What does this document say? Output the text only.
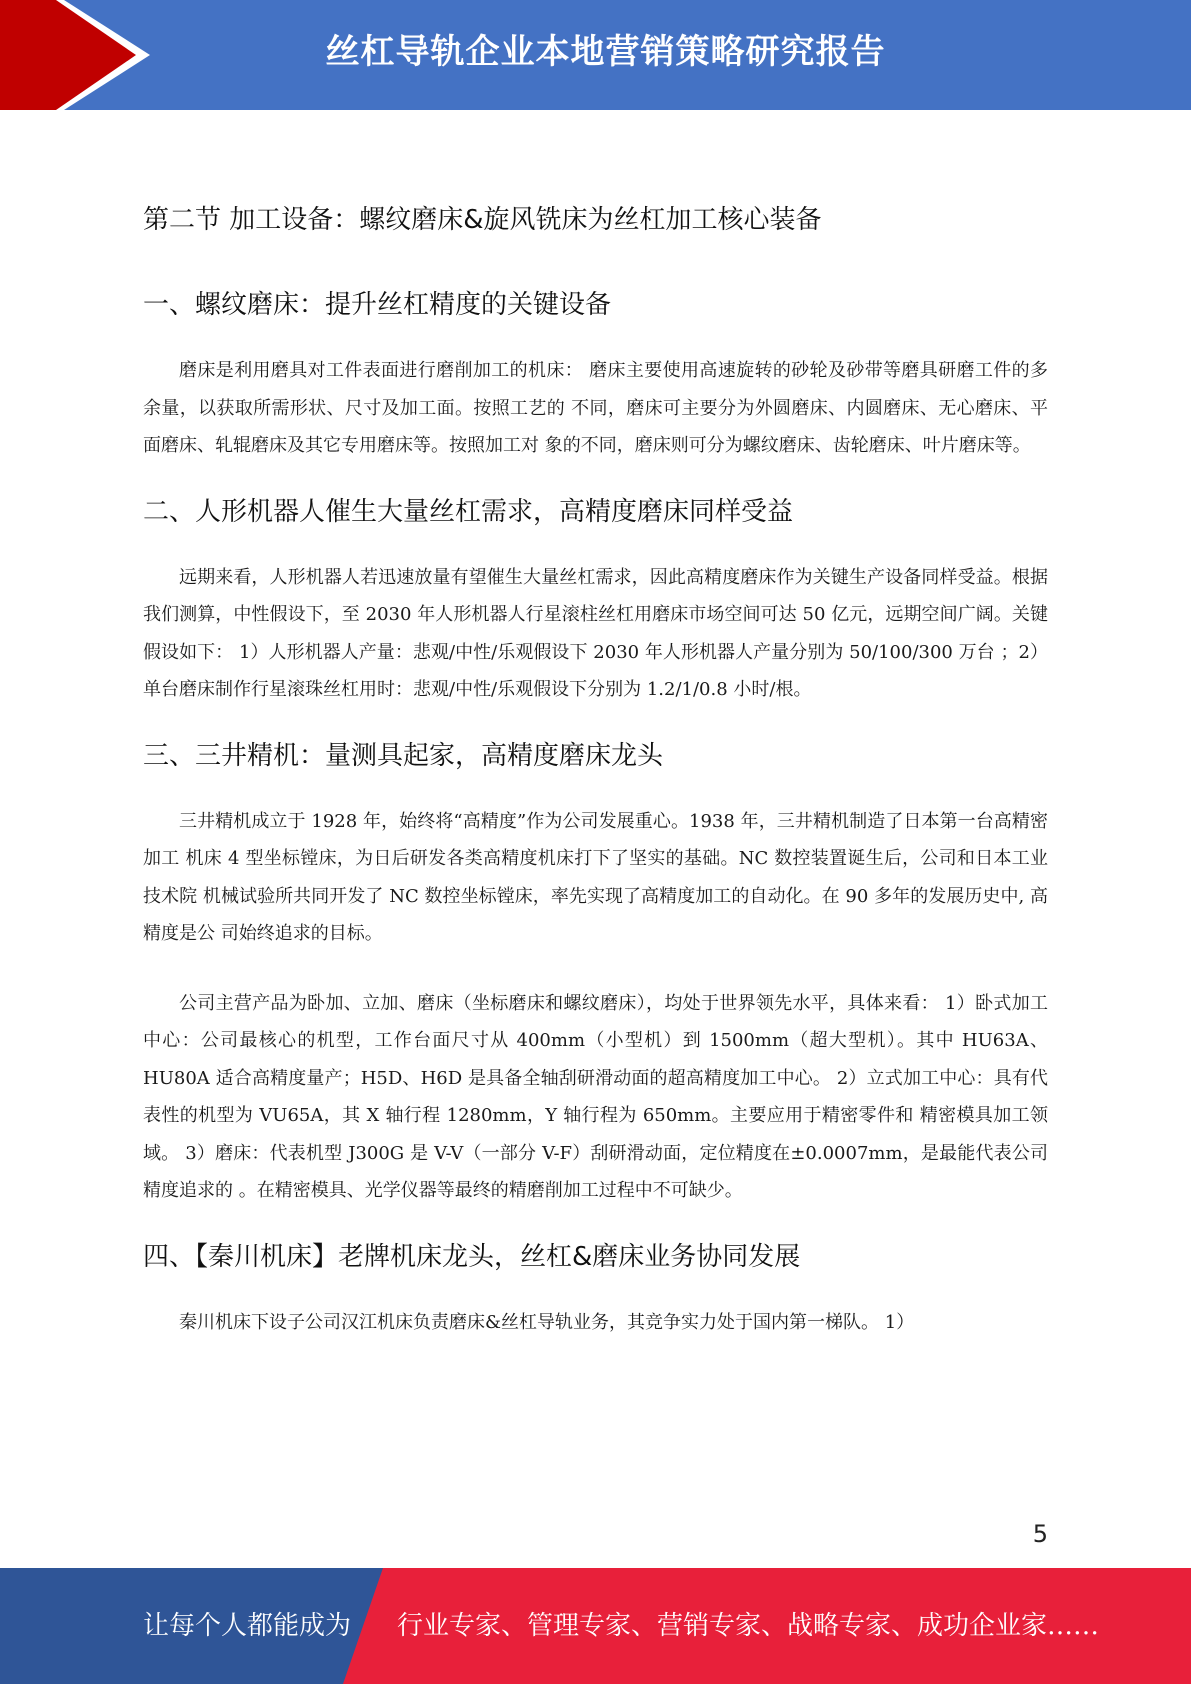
丝杠导轨企业本地营销策略研究报告
第二节 加工设备：螺纹磨床&旋风铣床为丝杠加工核心装备
一、螺纹磨床：提升丝杠精度的关键设备

磨床是利用磨具对工件表面进行磨削加工的机床： 磨床主要使用高速旋转的砂轮及砂带等磨具研磨工件的多余量，以获取所需形状、尺寸及加工面。按照工艺的 不同，磨床可主要分为外圆磨床、内圆磨床、无心磨床、平面磨床、轧辊磨床及其它专用磨床等。按照加工对 象的不同，磨床则可分为螺纹磨床、齿轮磨床、叶片磨床等。

二、人形机器人催生大量丝杠需求，高精度磨床同样受益

远期来看，人形机器人若迅速放量有望催生大量丝杠需求，因此高精度磨床作为关键生产设备同样受益。根据我们测算，中性假设下，至 2030 年人形机器人行星滚柱丝杠用磨床市场空间可达 50 亿元，远期空间广阔。关键假设如下： 1）人形机器人产量：悲观/中性/乐观假设下 2030 年人形机器人产量分别为 50/100/300 万台 ；2）单台磨床制作行星滚珠丝杠用时：悲观/中性/乐观假设下分别为 1.2/1/0.8 小时/根。

三、三井精机：量测具起家，高精度磨床龙头

三井精机成立于 1928 年，始终将“高精度”作为公司发展重心。1938 年，三井精机制造了日本第一台高精密加工 机床 4 型坐标镗床，为日后研发各类高精度机床打下了坚实的基础。NC 数控装置诞生后，公司和日本工业技术院 机械试验所共同开发了 NC 数控坐标镗床，率先实现了高精度加工的自动化。在 90 多年的发展历史中, 高精度是公 司始终追求的目标。

公司主营产品为卧加、立加、磨床（坐标磨床和螺纹磨床），均处于世界领先水平，具体来看： 1）卧式加工中心：公司最核心的机型，工作台面尺寸从 400mm（小型机）到 1500mm（超大型机）。其中 HU63A、 HU80A 适合高精度量产；H5D、H6D 是具备全轴刮研滑动面的超高精度加工中心。 2）立式加工中心：具有代表性的机型为 VU65A，其 X 轴行程 1280mm，Y 轴行程为 650mm。主要应用于精密零件和 精密模具加工领域。 3）磨床：代表机型 J300G 是 V-V（一部分 V-F）刮研滑动面，定位精度在±0.0007mm，是最能代表公司精度追求的 。在精密模具、光学仪器等最终的精磨削加工过程中不可缺少。

四、【秦川机床】老牌机床龙头，丝杠&磨床业务协同发展

秦川机床下设子公司汉江机床负责磨床&丝杠导轨业务，其竞争实力处于国内第一梯队。 1）

5
让每个人都能成为 行业专家、管理专家、营销专家、战略专家、成功企业家……
